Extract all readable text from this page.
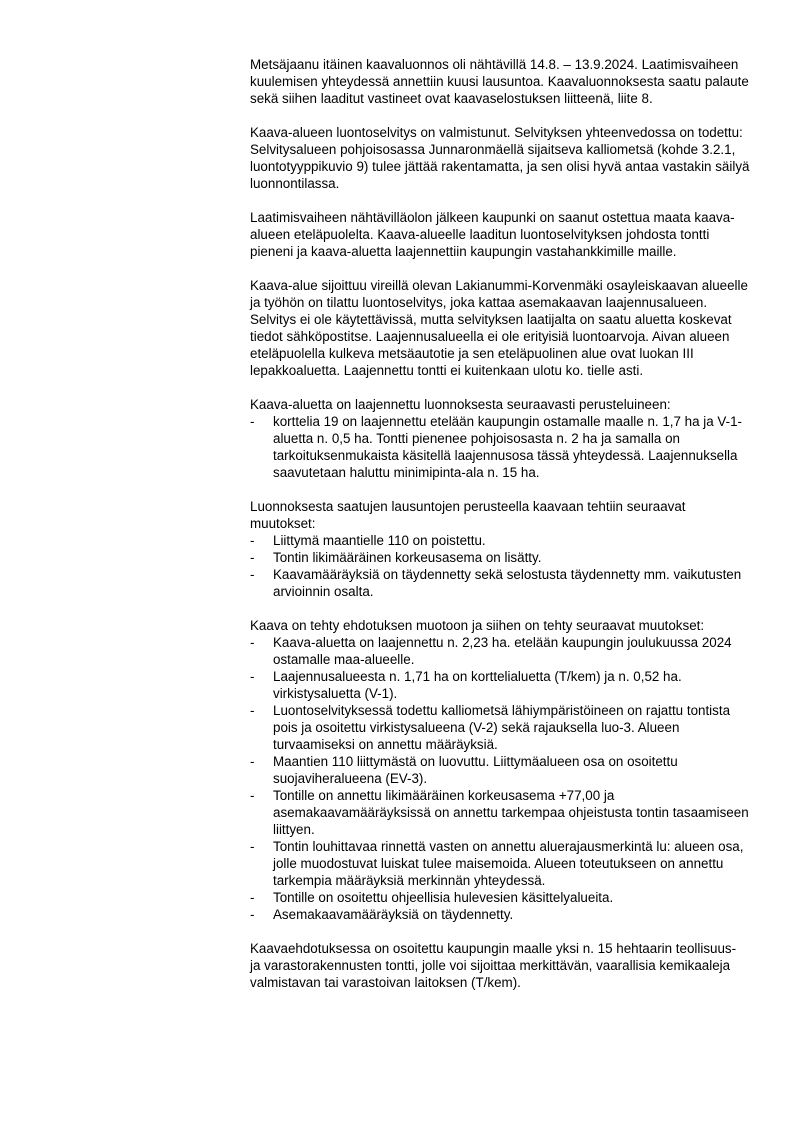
Metsäjaanu itäinen kaavaluonnos oli nähtävillä 14.8. – 13.9.2024. Laatimisvaiheen kuulemisen yhteydessä annettiin kuusi lausuntoa. Kaavaluonnoksesta saatu palaute sekä siihen laaditut vastineet ovat kaavaselostuksen liitteenä, liite 8.

Kaava-alueen luontoselvitys on valmistunut. Selvityksen yhteenvedossa on todettu: Selvitysalueen pohjoisosassa Junnaronmäellä sijaitseva kalliometsä (kohde 3.2.1, luontotyyppikuvio 9) tulee jättää rakentamatta, ja sen olisi hyvä antaa vastakin säilyä luonnontilassa.

Laatimisvaiheen nähtävilläolon jälkeen kaupunki on saanut ostettua maata kaava-alueen eteläpuolelta. Kaava-alueelle laaditun luontoselvityksen johdosta tontti pieneni ja kaava-aluetta laajennettiin kaupungin vastahankkimille maille.

Kaava-alue sijoittuu vireillä olevan Lakianummi-Korvenmäki osayleiskaavan alueelle ja työhön on tilattu luontoselvitys, joka kattaa asemakaavan laajennusalueen. Selvitys ei ole käytettävissä, mutta selvityksen laatijalta on saatu aluetta koskevat tiedot sähköpostitse. Laajennusalueella ei ole erityisiä luontoarvoja. Aivan alueen eteläpuolella kulkeva metsäautotie ja sen eteläpuolinen alue ovat luokan III lepakkoaluetta. Laajennettu tontti ei kuitenkaan ulotu ko. tielle asti.

Kaava-aluetta on laajennettu luonnoksesta seuraavasti perusteluineen:

- korttelia 19 on laajennettu etelään kaupungin ostamalle maalle n. 1,7 ha ja V-1-aluetta n. 0,5 ha. Tontti pienenee pohjoisosasta n. 2 ha ja samalla on tarkoituksenmukaista käsitellä laajennusosa tässä yhteydessä. Laajennuksella saavutetaan haluttu minimipinta-ala n. 15 ha.

Luonnoksesta saatujen lausuntojen perusteella kaavaan tehtiin seuraavat muutokset:

- Liittymä maantielle 110 on poistettu.
- Tontin likimääräinen korkeusasema on lisätty.
- Kaavamääräyksiä on täydennetty sekä selostusta täydennetty mm. vaikutusten arvioinnin osalta.

Kaava on tehty ehdotuksen muotoon ja siihen on tehty seuraavat muutokset:

- Kaava-aluetta on laajennettu n. 2,23 ha. etelään kaupungin joulukuussa 2024 ostamalle maa-alueelle.
- Laajennusalueesta n. 1,71 ha on korttelialuetta (T/kem) ja n. 0,52 ha. virkistysaluetta (V-1).
- Luontoselvityksessä todettu kalliometsä lähiympäristöineen on rajattu tontista pois ja osoitettu virkistysalueena (V-2) sekä rajauksella luo-3. Alueen turvaamiseksi on annettu määräyksiä.
- Maantien 110 liittymästä on luovuttu. Liittymäalueen osa on osoitettu suojaviheralueena (EV-3).
- Tontille on annettu likimääräinen korkeusasema +77,00 ja asemakaavamääräyksissä on annettu tarkempaa ohjeistusta tontin tasaamiseen liittyen.
- Tontin louhittavaa rinnettä vasten on annettu aluerajausmerkintä lu: alueen osa, jolle muodostuvat luiskat tulee maisemoida. Alueen toteutukseen on annettu tarkempia määräyksiä merkinnän yhteydessä.
- Tontille on osoitettu ohjeellisia hulevesien käsittelyalueita.
- Asemakaavamääräyksiä on täydennetty.

Kaavaehdotuksessa on osoitettu kaupungin maalle yksi n. 15 hehtaarin teollisuus- ja varastorakennusten tontti, jolle voi sijoittaa merkittävän, vaarallisia kemikaaleja valmistavan tai varastoivan laitoksen (T/kem).
